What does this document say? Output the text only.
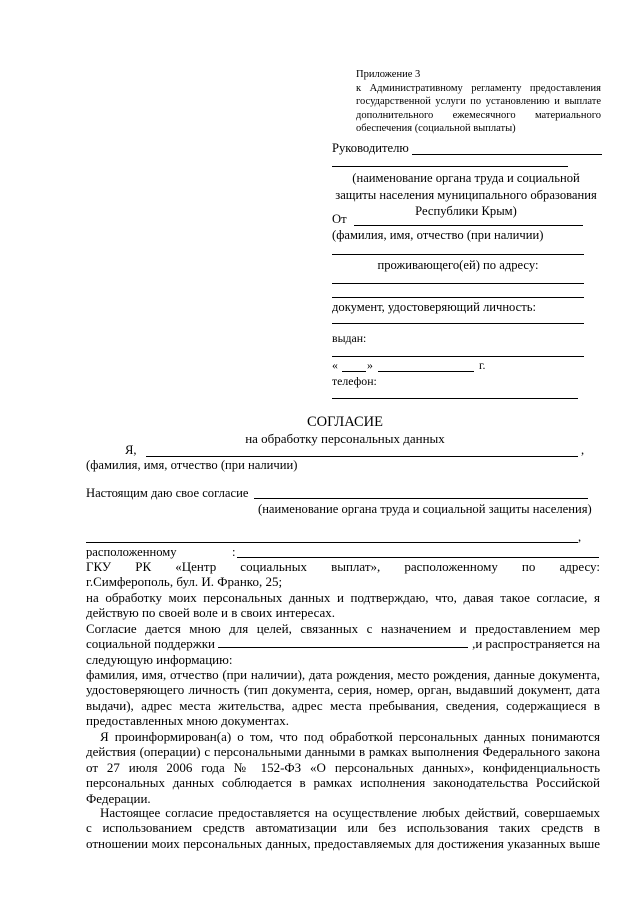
Приложение 3
к Административному регламенту предоставления
государственной услуги по установлению и выплате
дополнительного ежемесячного материального
обеспечения (социальной выплаты)
Руководителю
(наименование органа труда и социальной
защиты населения муниципального образования
Республики Крым)
От
(фамилия, имя, отчество (при наличии)
проживающего(ей) по адресу:
документ, удостоверяющий личность:
выдан:
« »	г.
телефон:
СОГЛАСИЕ
на обработку персональных данных
Я,	,
(фамилия, имя, отчество (при наличии)
Настоящим даю свое согласие
(наименование органа труда и социальной защиты населения)
,
расположенному	:
ГКУ РК «Центр социальных выплат», расположенному по адресу:
г.Симферополь, бул. И. Франко, 25;
на обработку моих персональных данных и подтверждаю, что, давая такое согласие, я
действую по своей воле и в своих интересах.
Согласие дается мною для целей, связанных с назначением и предоставлением мер
социальной поддержки	,и распространяется на
следующую информацию:
фамилия, имя, отчество (при наличии), дата рождения, место рождения, данные документа,
удостоверяющего личность (тип документа, серия, номер, орган, выдавший документ, дата
выдачи), адрес места жительства, адрес места пребывания, сведения, содержащиеся в
предоставленных мною документах.
Я проинформирован(а) о том, что под обработкой персональных данных понимаются
действия (операции) с персональными данными в рамках выполнения Федерального закона
от 27 июля 2006 года № 152-ФЗ «О персональных данных», конфиденциальность
персональных данных соблюдается в рамках исполнения законодательства Российской
Федерации.
Настоящее согласие предоставляется на осуществление любых действий, совершаемых
с использованием средств автоматизации или без использования таких средств в
отношении моих персональных данных, предоставляемых для достижения указанных выше
